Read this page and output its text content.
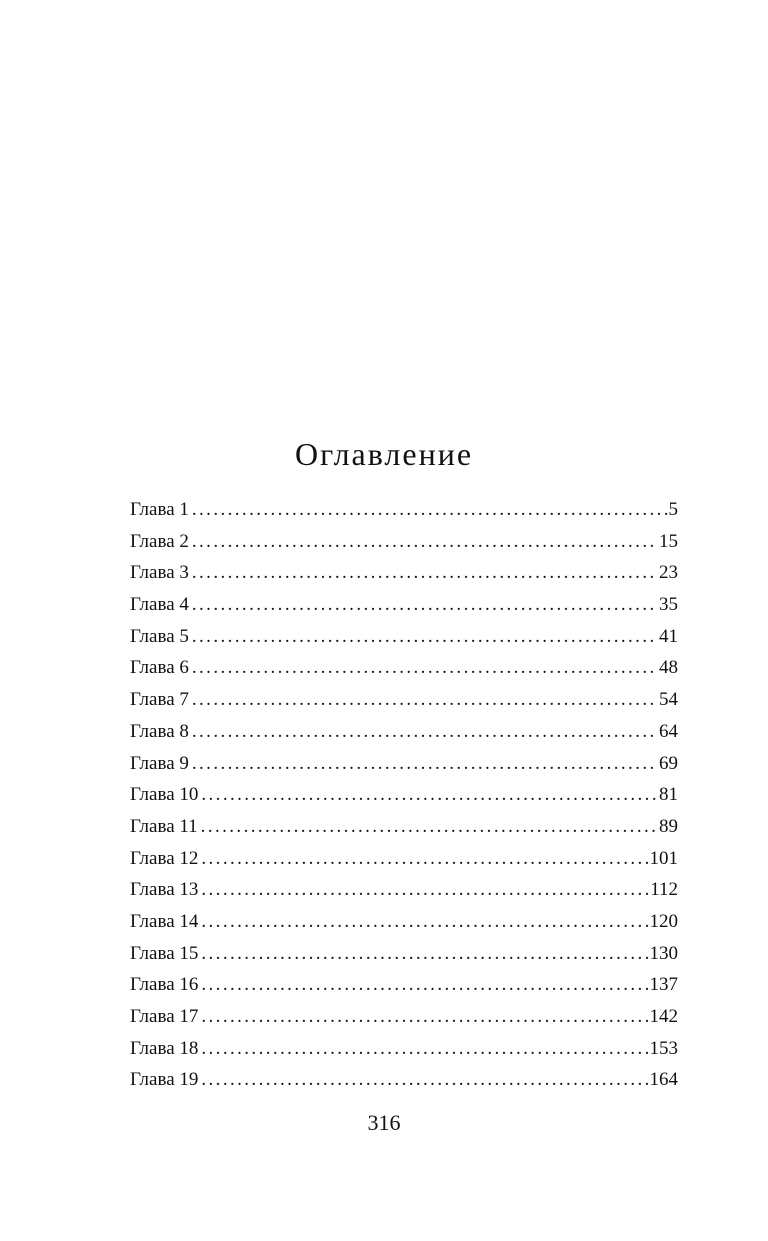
Оглавление
Глава 1 .....	5
Глава 2 .....	15
Глава 3 .....	23
Глава 4 .....	35
Глава 5 .....	41
Глава 6 .....	48
Глава 7 .....	54
Глава 8 .....	64
Глава 9 .....	69
Глава 10 .....	81
Глава 11 .....	89
Глава 12 .....	101
Глава 13 .....	112
Глава 14 .....	120
Глава 15 .....	130
Глава 16 .....	137
Глава 17 .....	142
Глава 18 .....	153
Глава 19 .....	164
316
